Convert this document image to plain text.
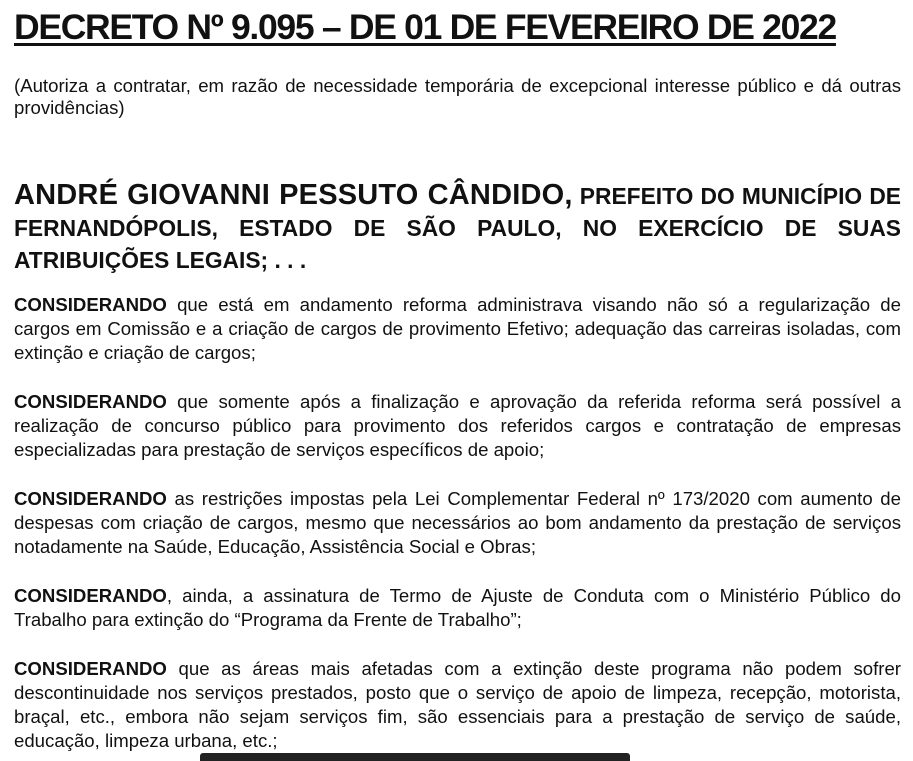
DECRETO Nº 9.095 – DE 01 DE FEVEREIRO DE 2022

(Autoriza a contratar, em razão de necessidade temporária de excepcional interesse público e dá outras providências)

ANDRÉ GIOVANNI PESSUTO CÂNDIDO, PREFEITO DO MUNICÍPIO DE FERNANDÓPOLIS, ESTADO DE SÃO PAULO, NO EXERCÍCIO DE SUAS ATRIBUIÇÕES LEGAIS; . . .

CONSIDERANDO que está em andamento reforma administrava visando não só a regularização de cargos em Comissão e a criação de cargos de provimento Efetivo; adequação das carreiras isoladas, com extinção e criação de cargos;

CONSIDERANDO que somente após a finalização e aprovação da referida reforma será possível a realização de concurso público para provimento dos referidos cargos e contratação de empresas especializadas para prestação de serviços específicos de apoio;

CONSIDERANDO as restrições impostas pela Lei Complementar Federal nº 173/2020 com aumento de despesas com criação de cargos, mesmo que necessários ao bom andamento da prestação de serviços notadamente na Saúde, Educação, Assistência Social e Obras;

CONSIDERANDO, ainda, a assinatura de Termo de Ajuste de Conduta com o Ministério Público do Trabalho para extinção do “Programa da Frente de Trabalho”;

CONSIDERANDO que as áreas mais afetadas com a extinção deste programa não podem sofrer descontinuidade nos serviços prestados, posto que o serviço de apoio de limpeza, recepção, motorista, braçal, etc., embora não sejam serviços fim, são essenciais para a prestação de serviço de saúde, educação, limpeza urbana, etc.;
